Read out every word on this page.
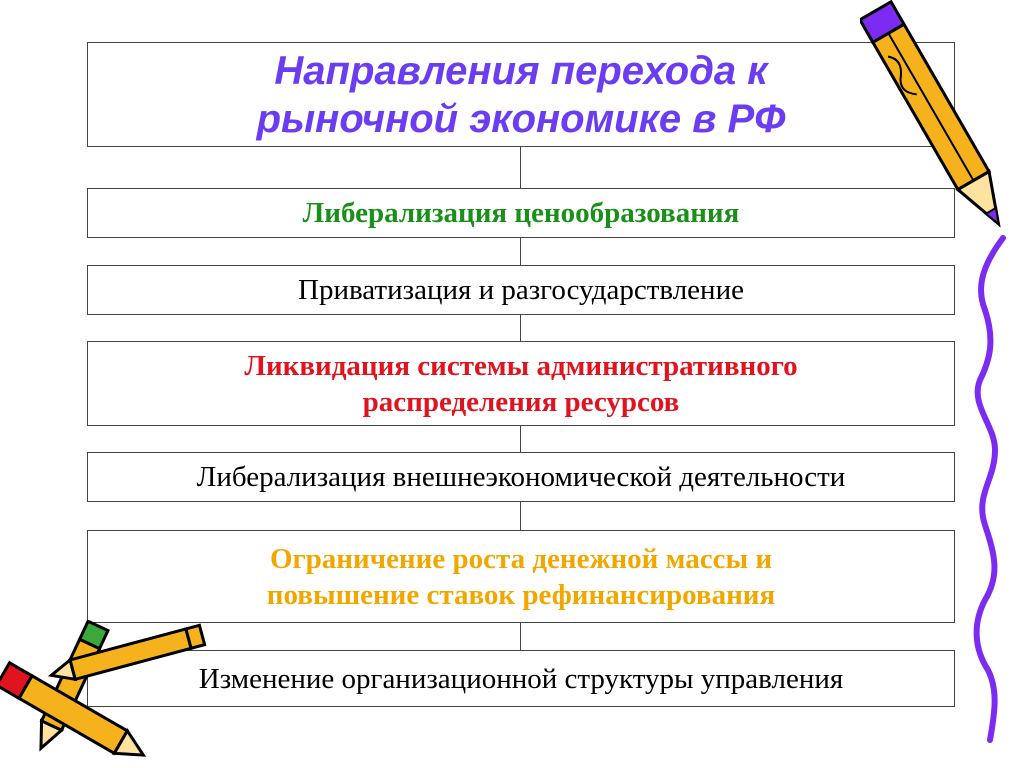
Направления перехода к
рыночной экономике в РФ
Либерализация ценообразования
Приватизация и разгосударствление
Ликвидация системы административного
распределения ресурсов
Либерализация внешнеэкономической деятельности
Ограничение роста денежной массы и
повышение ставок рефинансирования
Изменение организационной структуры управления
